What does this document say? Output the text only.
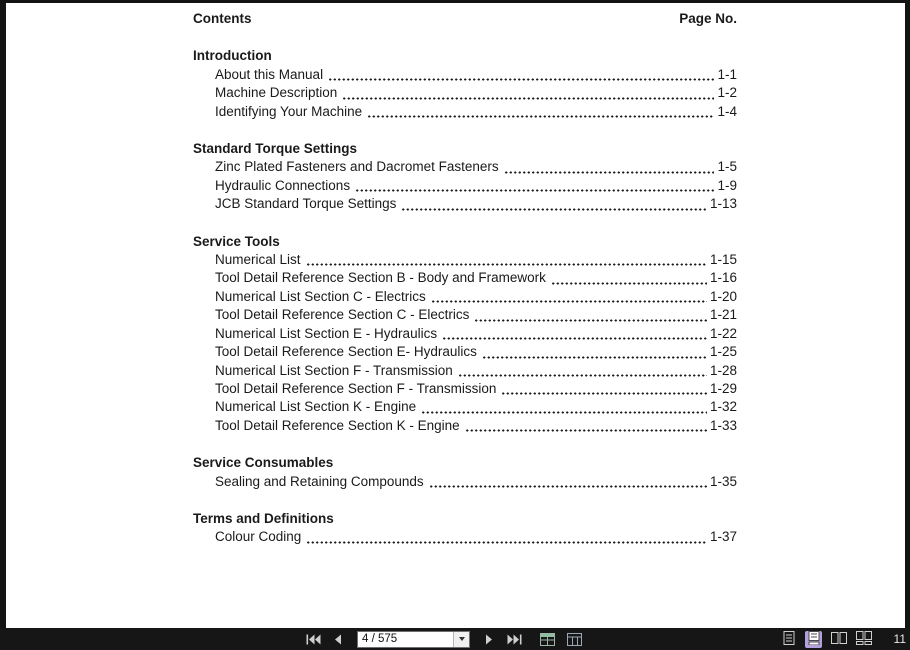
Contents	Page No.
Introduction
About this Manual	1-1
Machine Description	1-2
Identifying Your Machine	1-4
Standard Torque Settings
Zinc Plated Fasteners and Dacromet Fasteners	1-5
Hydraulic Connections	1-9
JCB Standard Torque Settings	1-13
Service Tools
Numerical List	1-15
Tool Detail Reference Section B - Body and Framework	1-16
Numerical List Section C - Electrics	1-20
Tool Detail Reference Section C - Electrics	1-21
Numerical List Section E - Hydraulics	1-22
Tool Detail Reference Section E- Hydraulics	1-25
Numerical List Section F - Transmission	1-28
Tool Detail Reference Section F - Transmission	1-29
Numerical List Section K - Engine	1-32
Tool Detail Reference Section K - Engine	1-33
Service Consumables
Sealing and Retaining Compounds	1-35
Terms and Definitions
Colour Coding	1-37
4 / 575
11
